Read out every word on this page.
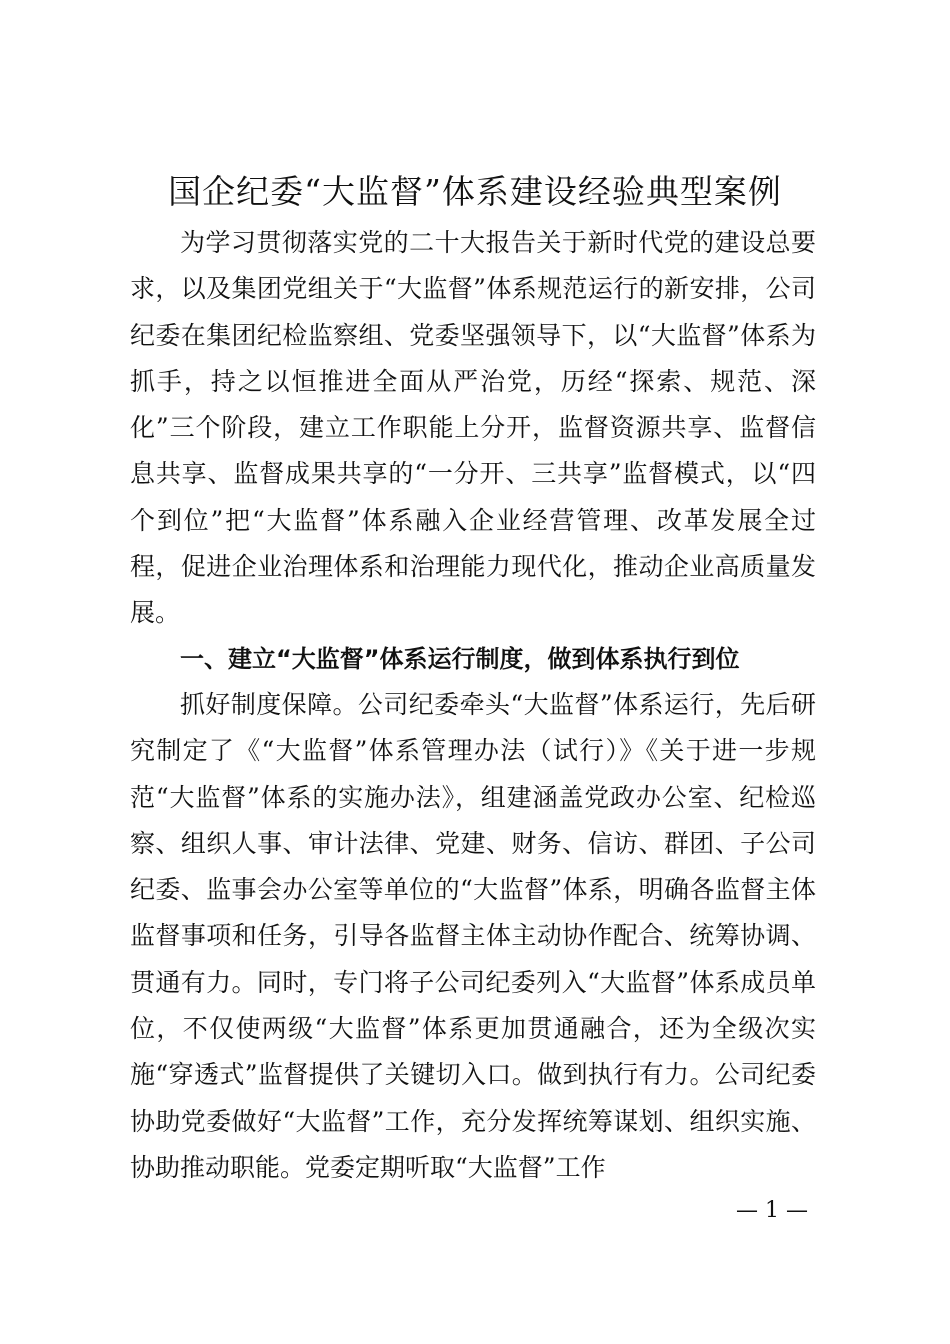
国企纪委“大监督”体系建设经验典型案例

为学习贯彻落实党的二十大报告关于新时代党的建设总要求，以及集团党组关于“大监督”体系规范运行的新安排，公司纪委在集团纪检监察组、党委坚强领导下，以“大监督”体系为抓手，持之以恒推进全面从严治党，历经“探索、规范、深化”三个阶段，建立工作职能上分开，监督资源共享、监督信息共享、监督成果共享的“一分开、三共享”监督模式，以“四个到位”把“大监督”体系融入企业经营管理、改革发展全过程，促进企业治理体系和治理能力现代化，推动企业高质量发展。

一、建立“大监督”体系运行制度，做到体系执行到位

抓好制度保障。公司纪委牵头“大监督”体系运行，先后研究制定了《“大监督”体系管理办法（试行）》《关于进一步规范“大监督”体系的实施办法》，组建涵盖党政办公室、纪检巡察、组织人事、审计法律、党建、财务、信访、群团、子公司纪委、监事会办公室等单位的“大监督”体系，明确各监督主体监督事项和任务，引导各监督主体主动协作配合、统筹协调、贯通有力。同时，专门将子公司纪委列入“大监督”体系成员单位，不仅使两级“大监督”体系更加贯通融合，还为全级次实施“穿透式”监督提供了关键切入口。做到执行有力。公司纪委协助党委做好“大监督”工作，充分发挥统筹谋划、组织实施、协助推动职能。党委定期听取“大监督”工作

— 1 —
